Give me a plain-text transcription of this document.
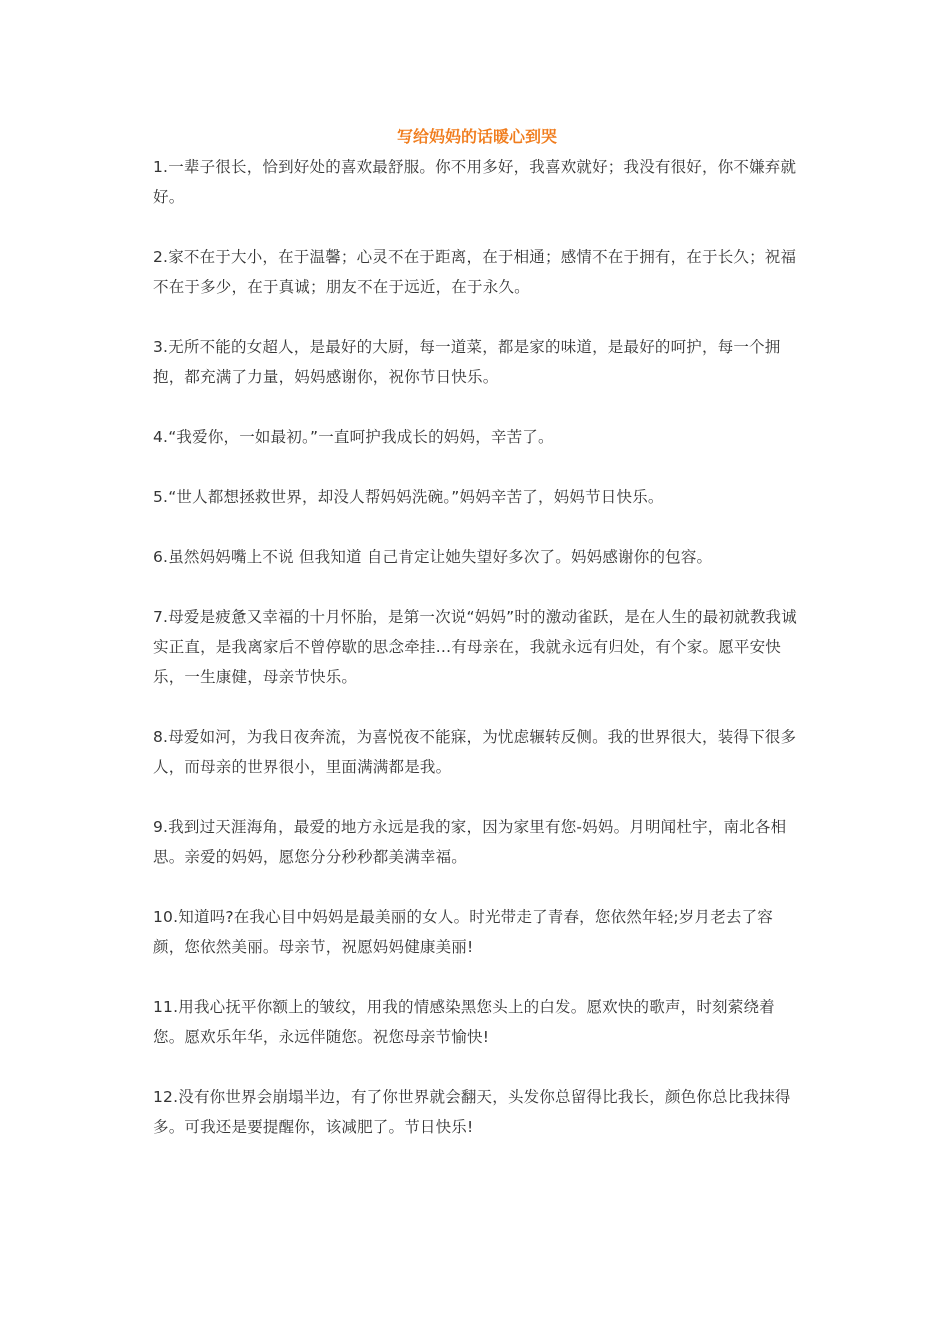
写给妈妈的话暖心到哭

1.一辈子很长，恰到好处的喜欢最舒服。你不用多好，我喜欢就好；我没有很好，你不嫌弃就好。

2.家不在于大小，在于温馨；心灵不在于距离，在于相通；感情不在于拥有，在于长久；祝福不在于多少，在于真诚；朋友不在于远近，在于永久。

3.无所不能的女超人，是最好的大厨，每一道菜，都是家的味道，是最好的呵护，每一个拥抱，都充满了力量，妈妈感谢你，祝你节日快乐。

4.“我爱你，一如最初。”一直呵护我成长的妈妈，辛苦了。

5.“世人都想拯救世界，却没人帮妈妈洗碗。”妈妈辛苦了，妈妈节日快乐。

6.虽然妈妈嘴上不说 但我知道 自己肯定让她失望好多次了。妈妈感谢你的包容。

7.母爱是疲惫又幸福的十月怀胎，是第一次说“妈妈”时的激动雀跃，是在人生的最初就教我诚实正直，是我离家后不曾停歇的思念牵挂…有母亲在，我就永远有归处，有个家。愿平安快乐，一生康健，母亲节快乐。

8.母爱如河，为我日夜奔流，为喜悦夜不能寐，为忧虑辗转反侧。我的世界很大，装得下很多人，而母亲的世界很小，里面满满都是我。

9.我到过天涯海角，最爱的地方永远是我的家，因为家里有您-妈妈。月明闻杜宇，南北各相思。亲爱的妈妈，愿您分分秒秒都美满幸福。

10.知道吗?在我心目中妈妈是最美丽的女人。时光带走了青春，您依然年轻;岁月老去了容颜，您依然美丽。母亲节，祝愿妈妈健康美丽!

11.用我心抚平你额上的皱纹，用我的情感染黑您头上的白发。愿欢快的歌声，时刻萦绕着您。愿欢乐年华，永远伴随您。祝您母亲节愉快!

12.没有你世界会崩塌半边，有了你世界就会翻天，头发你总留得比我长，颜色你总比我抹得多。可我还是要提醒你，该减肥了。节日快乐!
